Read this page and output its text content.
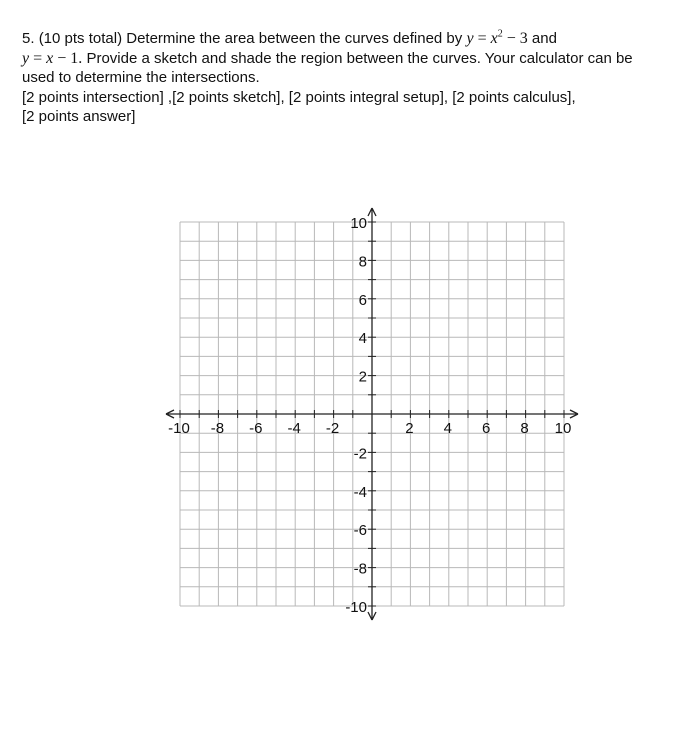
5. (10 pts total) Determine the area between the curves defined by $y = x^2 - 3$ and

y = x − 1. Provide a sketch and shade the region between the curves. Your calculator can be used to determine the intersections.

[2 points intersection] ,[2 points sketch], [2 points integral setup], [2 points calculus],

[2 points answer]

-10 -8 -6 -4 -2	2 4 6 8 10
10
8
6
4
2
-2
-4
-6
-8
-10
